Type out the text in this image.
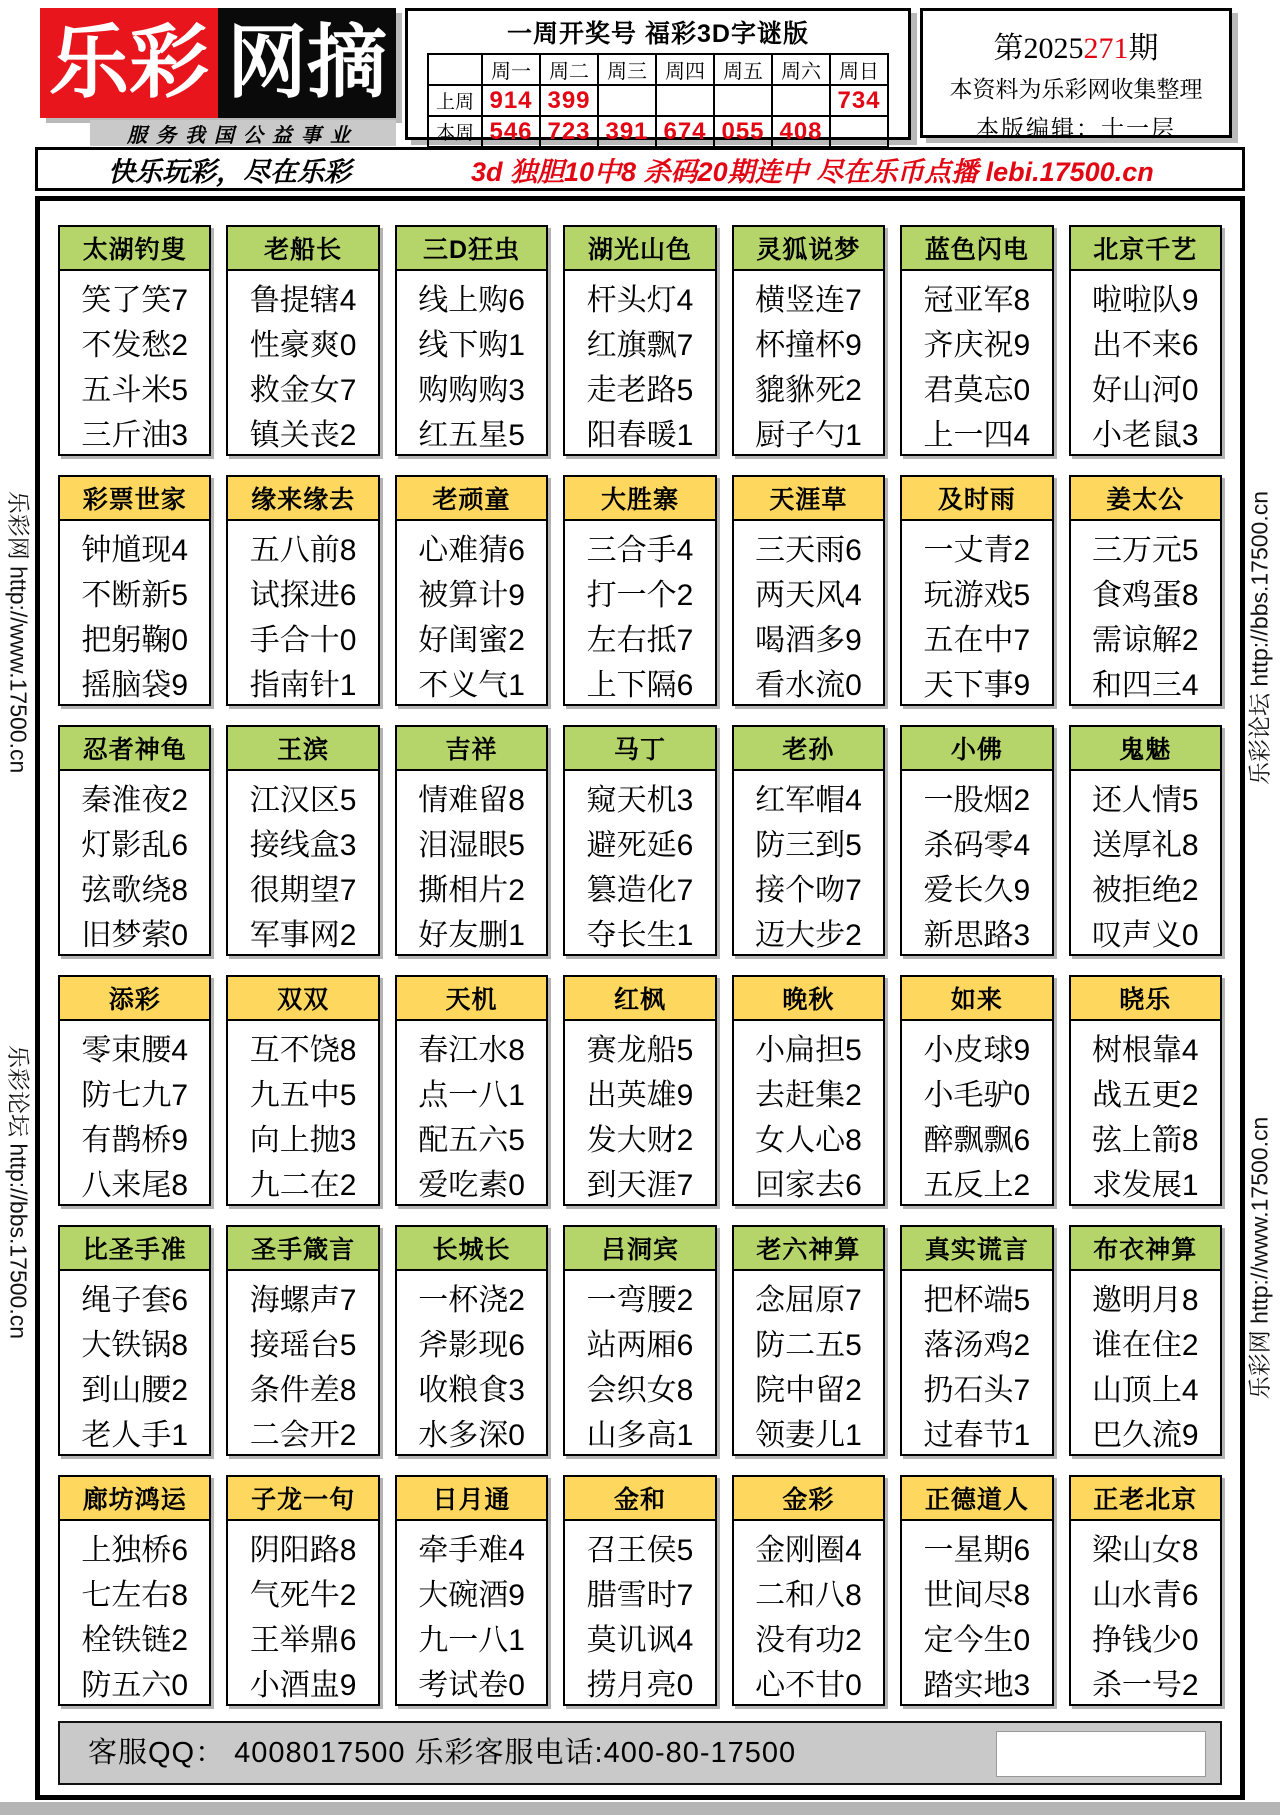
乐彩网 http://www.17500.cn
乐彩论坛 http://bbs.17500.cn
乐彩论坛 http://bbs.17500.cn
乐彩网 http://www.17500.cn
乐彩 网摘
服务我国公益事业
一周开奖号 福彩3D字谜版
	周一	周二	周三	周四	周五	周六	周日
上周	914	399					734
本周	546	723	391	674	055	408	
第2025271期
本资料为乐彩网收集整理
本版编辑：十一层
快乐玩彩，尽在乐彩	3d 独胆10中8 杀码20期连中 尽在乐币点播 lebi.17500.cn
太湖钓叟
笑了笑7
不发愁2
五斗米5
三斤油3
老船长
鲁提辖4
性豪爽0
救金女7
镇关丧2
三D狂虫
线上购6
线下购1
购购购3
红五星5
湖光山色
杆头灯4
红旗飘7
走老路5
阳春暖1
灵狐说梦
横竖连7
杯撞杯9
貔貅死2
厨子勺1
蓝色闪电
冠亚军8
齐庆祝9
君莫忘0
上一四4
北京千艺
啦啦队9
出不来6
好山河0
小老鼠3
彩票世家
钟馗现4
不断新5
把躬鞠0
摇脑袋9
缘来缘去
五八前8
试探进6
手合十0
指南针1
老顽童
心难猜6
被算计9
好闺蜜2
不义气1
大胜寨
三合手4
打一个2
左右抵7
上下隔6
天涯草
三天雨6
两天风4
喝酒多9
看水流0
及时雨
一丈青2
玩游戏5
五在中7
天下事9
姜太公
三万元5
食鸡蛋8
需谅解2
和四三4
忍者神龟
秦淮夜2
灯影乱6
弦歌绕8
旧梦萦0
王滨
江汉区5
接线盒3
很期望7
军事网2
吉祥
情难留8
泪湿眼5
撕相片2
好友删1
马丁
窥天机3
避死延6
篡造化7
夺长生1
老孙
红军帽4
防三到5
接个吻7
迈大步2
小佛
一股烟2
杀码零4
爱长久9
新思路3
鬼魅
还人情5
送厚礼8
被拒绝2
叹声义0
添彩
零束腰4
防七九7
有鹊桥9
八来尾8
双双
互不饶8
九五中5
向上抛3
九二在2
天机
春江水8
点一八1
配五六5
爱吃素0
红枫
赛龙船5
出英雄9
发大财2
到天涯7
晚秋
小扁担5
去赶集2
女人心8
回家去6
如来
小皮球9
小毛驴0
醉飘飘6
五反上2
晓乐
树根靠4
战五更2
弦上箭8
求发展1
比圣手准
绳子套6
大铁锅8
到山腰2
老人手1
圣手箴言
海螺声7
接瑶台5
条件差8
二会开2
长城长
一杯浇2
斧影现6
收粮食3
水多深0
吕洞宾
一弯腰2
站两厢6
会织女8
山多高1
老六神算
念屈原7
防二五5
院中留2
领妻儿1
真实谎言
把杯端5
落汤鸡2
扔石头7
过春节1
布衣神算
邀明月8
谁在住2
山顶上4
巴久流9
廊坊鸿运
上独桥6
七左右8
栓铁链2
防五六0
子龙一句
阴阳路8
气死牛2
王举鼎6
小酒盅9
日月通
牵手难4
大碗酒9
九一八1
考试卷0
金和
召王侯5
腊雪时7
莫讥讽4
捞月亮0
金彩
金刚圈4
二和八8
没有功2
心不甘0
正德道人
一星期6
世间尽8
定今生0
踏实地3
正老北京
梁山女8
山水青6
挣钱少0
杀一号2
客服QQ： 4008017500 乐彩客服电话:400-80-17500
